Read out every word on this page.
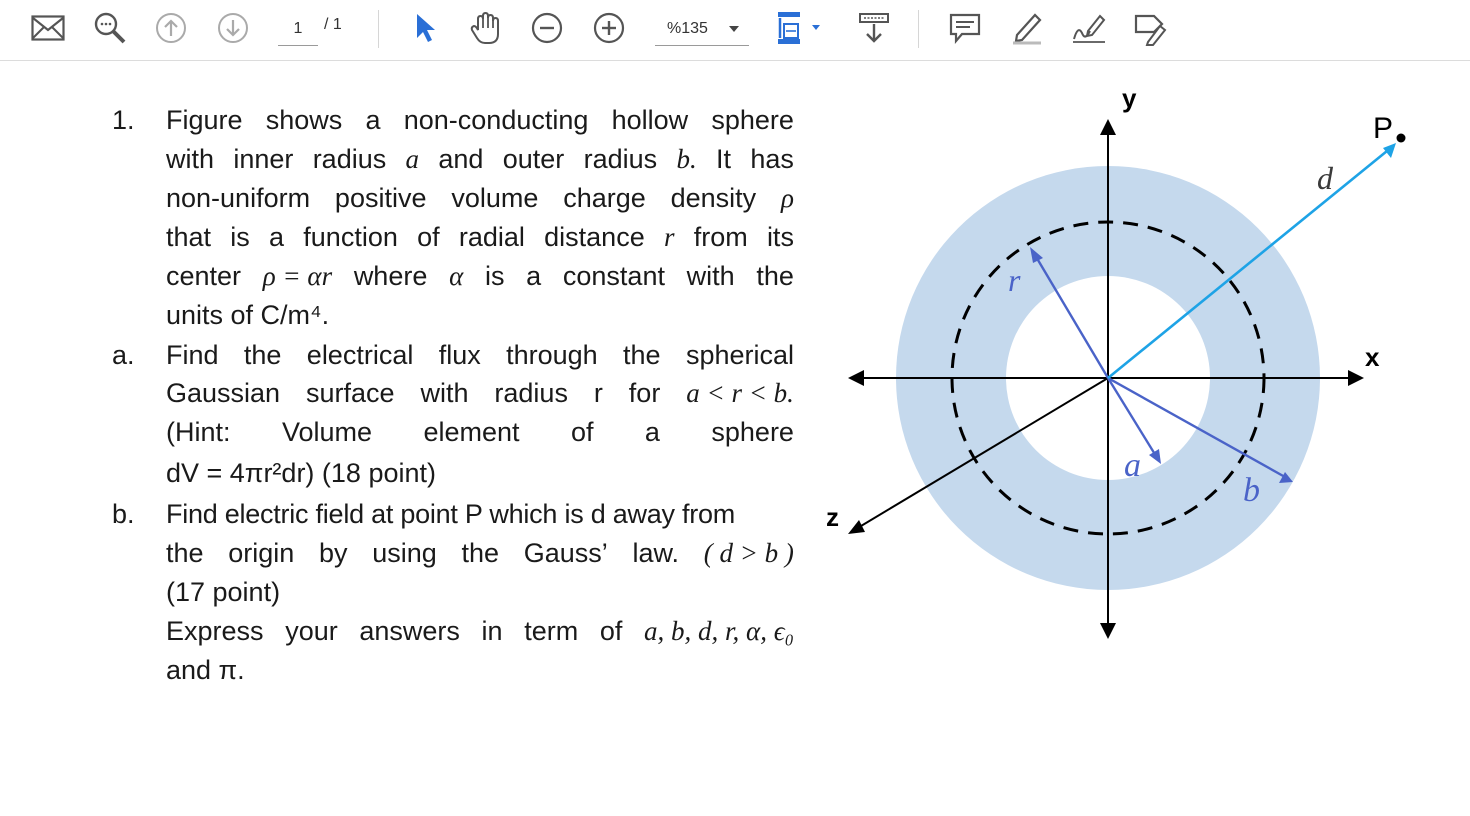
1	/ 1	%135
1. Figure shows a non-conducting hollow sphere
with inner radius a and outer radius b. It has
non-uniform positive volume charge density ρ
that is a function of radial distance r from its
center ρ = αr where α is a constant with the
units of C/m⁴.
a. Find the electrical flux through the spherical
Gaussian surface with radius r for a < r < b.
(Hint: Volume element of a sphere
dV = 4πr²dr) (18 point)
b. Find electric field at point P which is d away from
the origin by using the Gauss’ law. ( d > b )
(17 point)
Express your answers in term of a, b, d, r, α, ϵ₀
and π.
y
x
z
P
d
r
a
b
